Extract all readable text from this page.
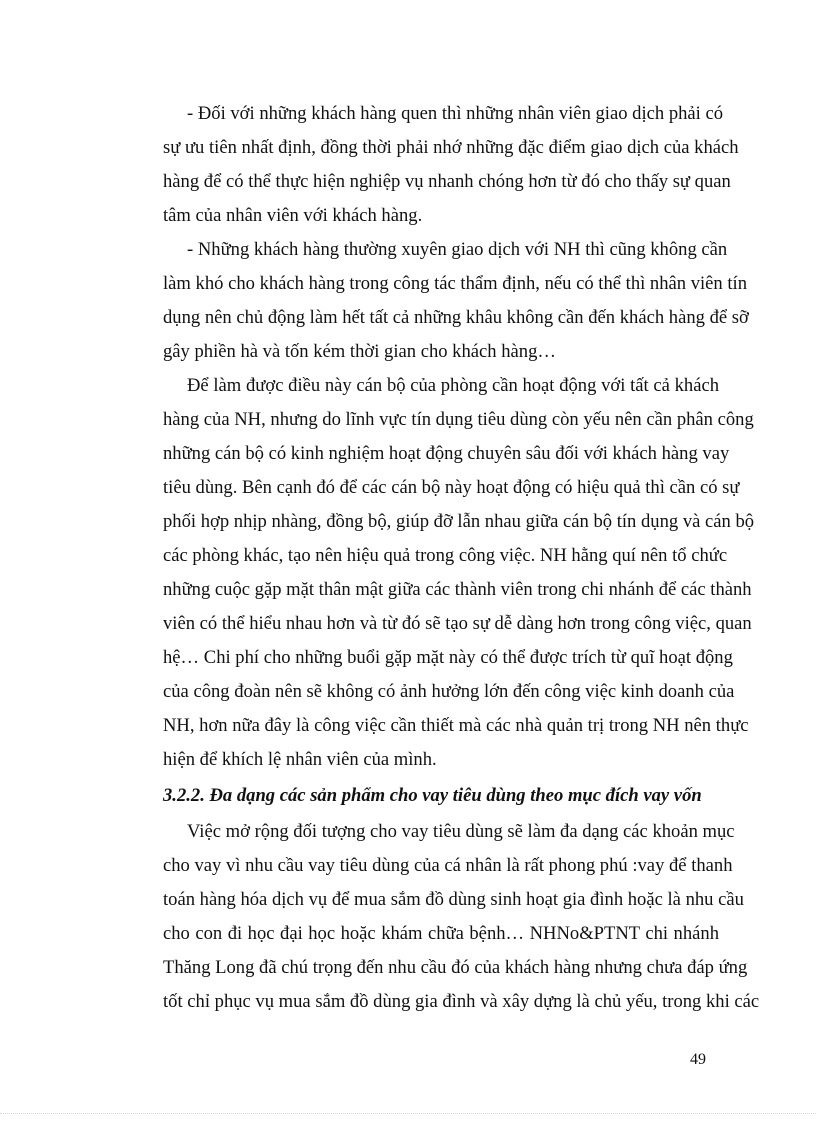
- Đối với những khách hàng quen thì những nhân viên giao dịch phải có
sự ưu tiên nhất định, đồng thời phải nhớ những đặc điểm giao dịch của khách
hàng để có thể thực hiện nghiệp vụ nhanh chóng hơn từ đó cho thấy sự quan
tâm của nhân viên với khách hàng.
- Những khách hàng thường xuyên giao dịch với NH thì cũng không cần
làm khó cho khách hàng trong công tác thẩm định, nếu có thể thì nhân viên tín
dụng nên chủ động làm hết tất cả những khâu không cần đến khách hàng để sỡ
gây phiền hà và tốn kém thời gian cho khách hàng…
Để làm được điều này cán bộ của phòng cần hoạt động với tất cả khách
hàng của NH, nhưng do lĩnh vực tín dụng tiêu dùng còn yếu nên cần phân công
những cán bộ có kinh nghiệm hoạt động chuyên sâu đối với khách hàng vay
tiêu dùng. Bên cạnh đó để các cán bộ này hoạt động có hiệu quả thì cần có sự
phối hợp nhịp nhàng, đồng bộ, giúp đỡ lẫn nhau giữa cán bộ tín dụng và cán bộ
các phòng khác, tạo nên hiệu quả trong công việc. NH hằng quí nên tổ chức
những cuộc gặp mặt thân mật giữa các thành viên trong chi nhánh để các thành
viên có thể hiểu nhau hơn và từ đó sẽ tạo sự dễ dàng hơn trong công việc, quan
hệ… Chi phí cho những buổi gặp mặt này có thể được trích từ quĩ hoạt động
của công đoàn nên sẽ không có ảnh hưởng lớn đến công việc kinh doanh của
NH, hơn nữa đây là công việc cần thiết mà các nhà quản trị trong NH nên thực
hiện để khích lệ nhân viên của mình.
3.2.2. Đa dạng các sản phẩm cho vay tiêu dùng theo mục đích vay vốn
Việc mở rộng đối tượng cho vay tiêu dùng sẽ làm đa dạng các khoản mục
cho vay vì nhu cầu vay tiêu dùng của cá nhân là rất phong phú :vay để thanh
toán hàng hóa dịch vụ để mua sắm đồ dùng sinh hoạt gia đình hoặc là nhu cầu
cho con đi học đại học hoặc khám chữa bệnh… NHNo&PTNT chi nhánh
Thăng Long đã chú trọng đến nhu cầu đó của khách hàng nhưng chưa đáp ứng
tốt chỉ phục vụ mua sắm đồ dùng gia đình và xây dựng là chủ yếu, trong khi các
49
